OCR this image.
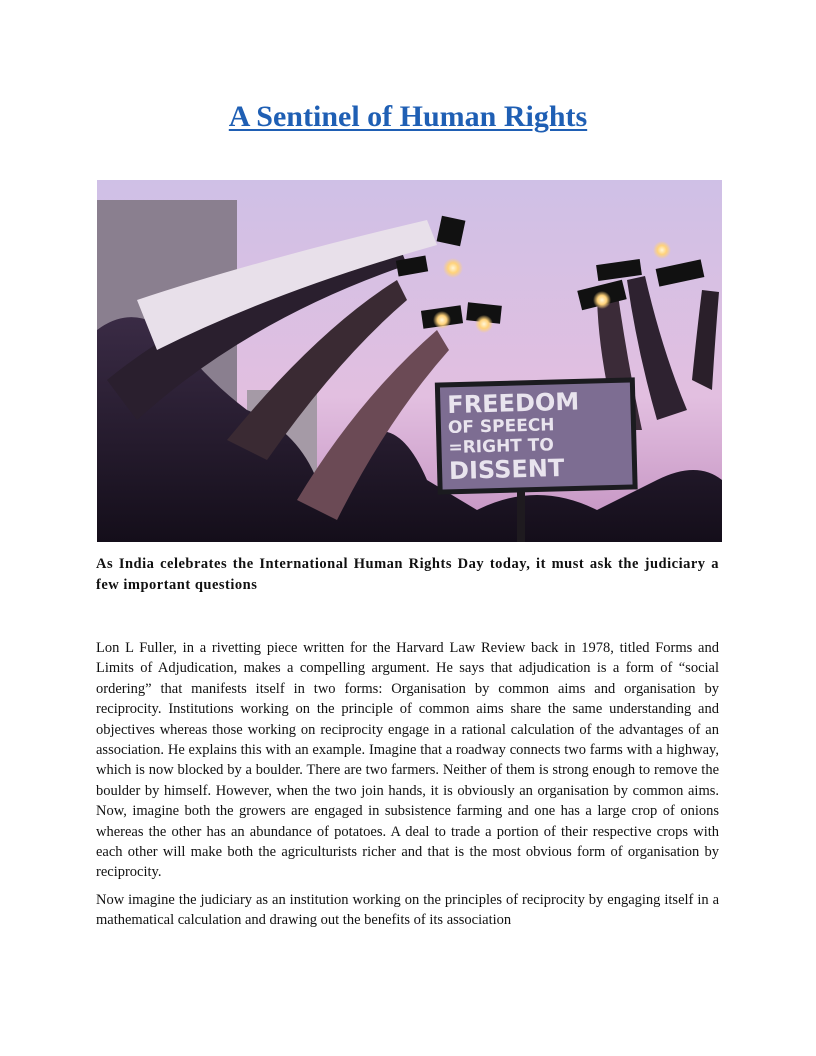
A Sentinel of Human Rights
FREEDOM
OF SPEECH
=RIGHT TO
DISSENT

As India celebrates the International Human Rights Day today, it must ask the judiciary a few important questions

Lon L Fuller, in a rivetting piece written for the Harvard Law Review back in 1978, titled Forms and Limits of Adjudication, makes a compelling argument. He says that adjudication is a form of “social ordering” that manifests itself in two forms: Organisation by common aims and organisation by reciprocity. Institutions working on the principle of common aims share the same understanding and objectives whereas those working on reciprocity engage in a rational calculation of the advantages of an association. He explains this with an example. Imagine that a roadway connects two farms with a highway, which is now blocked by a boulder. There are two farmers. Neither of them is strong enough to remove the boulder by himself. However, when the two join hands, it is obviously an organisation by common aims. Now, imagine both the growers are engaged in subsistence farming and one has a large crop of onions whereas the other has an abundance of potatoes. A deal to trade a portion of their respective crops with each other will make both the agriculturists richer and that is the most obvious form of organisation by reciprocity.

Now imagine the judiciary as an institution working on the principles of reciprocity by engaging itself in a mathematical calculation and drawing out the benefits of its association
